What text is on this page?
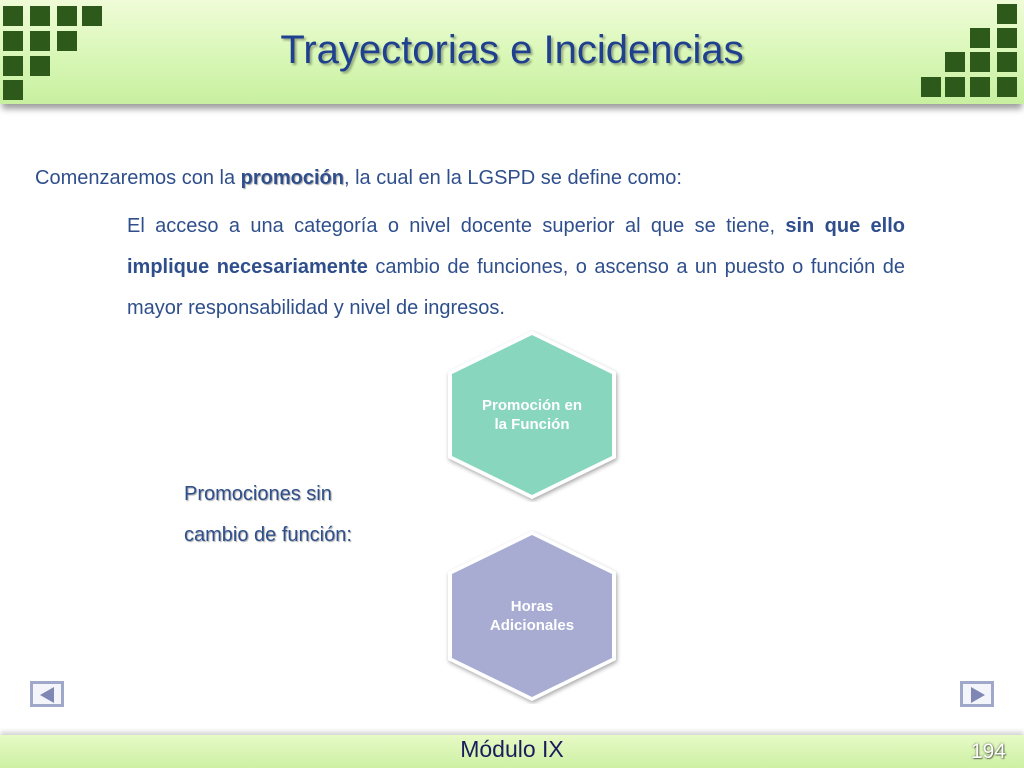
Trayectorias e Incidencias
Comenzaremos con la promoción, la cual en la LGSPD se define como:
El acceso a una categoría o nivel docente superior al que se tiene, sin que ello implique necesariamente cambio de funciones, o ascenso a un puesto o función de mayor responsabilidad y nivel de ingresos.
Promociones sin
cambio de función:
Promoción en
la Función
Horas
Adicionales
Módulo IX	194
